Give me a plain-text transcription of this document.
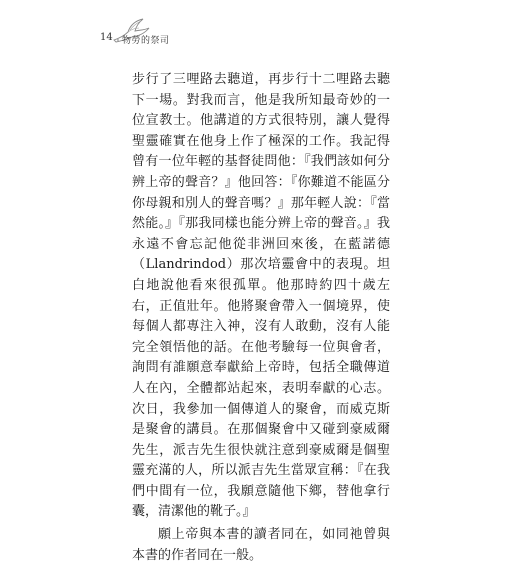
14 物勞的祭司

步行了三哩路去聽道，再步行十二哩路去聽下一場。對我而言，他是我所知最奇妙的一位宣教士。他講道的方式很特別，讓人覺得聖靈確實在他身上作了極深的工作。我記得曾有一位年輕的基督徒問他：『我們該如何分辨上帝的聲音？』他回答：『你難道不能區分你母親和別人的聲音嗎？』那年輕人說：『當然能。』『那我同樣也能分辨上帝的聲音。』我永遠不會忘記他從非洲回來後，在藍諾德（Llandrindod）那次培靈會中的表現。坦白地說他看來很孤單。他那時約四十歲左右，正值壯年。他將聚會帶入一個境界，使每個人都專注入神，沒有人敢動，沒有人能完全領悟他的話。在他考驗每一位與會者，詢問有誰願意奉獻給上帝時，包括全職傳道人在內，全體都站起來，表明奉獻的心志。次日，我參加一個傳道人的聚會，而威克斯是聚會的講員。在那個聚會中又碰到豪威爾先生，派吉先生很快就注意到豪威爾是個聖靈充滿的人，所以派吉先生當眾宣稱：『在我們中間有一位，我願意隨他下鄉，替他拿行囊，清潔他的靴子。』

願上帝與本書的讀者同在，如同祂曾與本書的作者同在一般。
